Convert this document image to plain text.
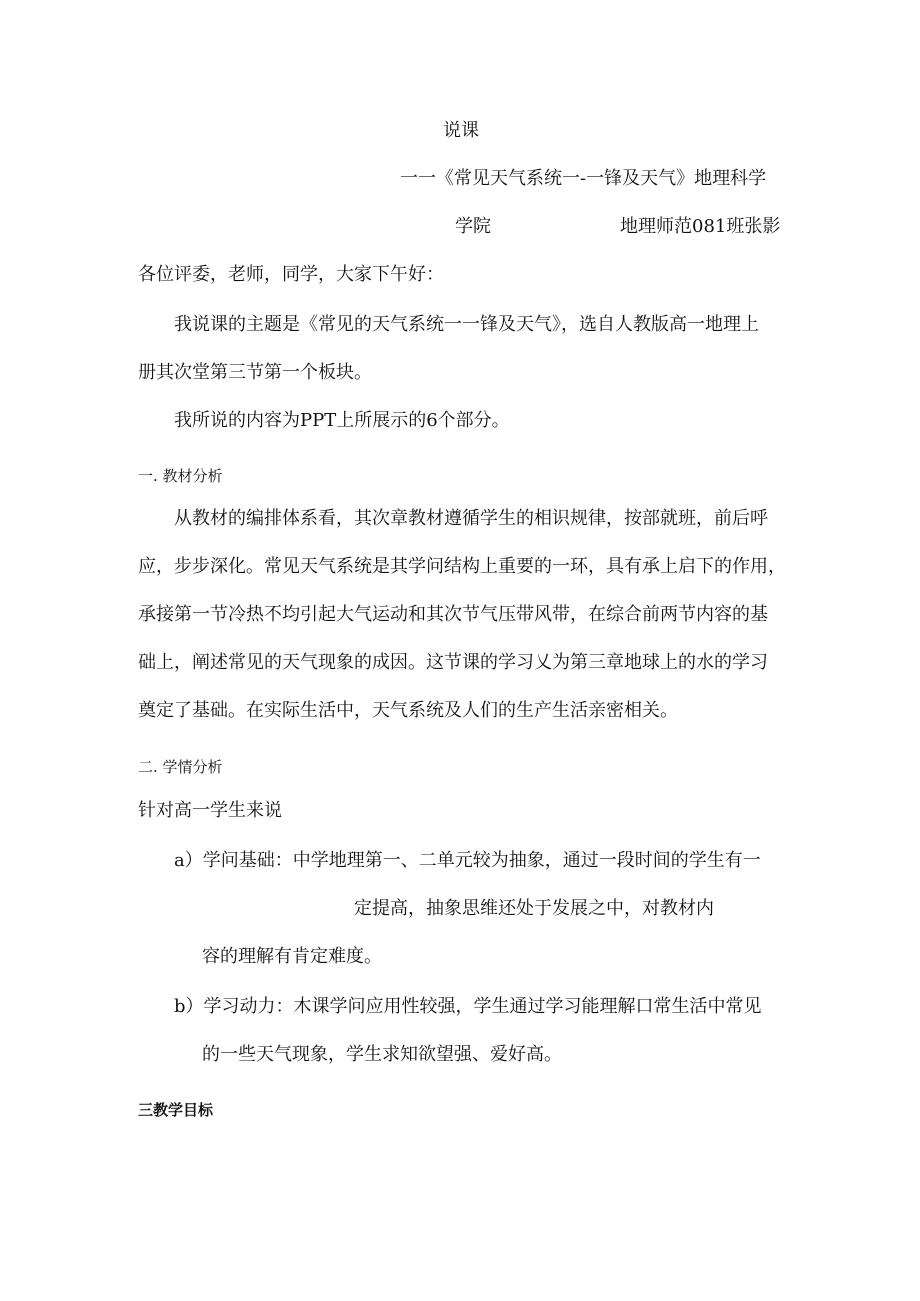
说课
一一《常见天气系统一-一锋及天气》地理科学
学院	地理师范081班张影
各位评委，老师，同学，大家下午好：
我说课的主题是《常见的天气系统一一锋及天气》，选自人教版高一地理上
册其次堂第三节第一个板块。
我所说的内容为PPT上所展示的6个部分。
一. 教材分析
从教材的编排体系看，其次章教材遵循学生的相识规律，按部就班，前后呼
应，步步深化。常见天气系统是其学问结构上重要的一环，具有承上启下的作用，
承接第一节冷热不均引起大气运动和其次节气压带风带，在综合前两节内容的基
础上，阐述常见的天气现象的成因。这节课的学习乂为第三章地球上的水的学习
奠定了基础。在实际生活中，天气系统及人们的生产生活亲密相关。
二. 学情分析
针对高一学生来说
a）学问基础：中学地理第一、二单元较为抽象，通过一段时间的学生有一
定提高，抽象思维还处于发展之中，对教材内
容的理解有肯定难度。
b）学习动力：木课学问应用性较强，学生通过学习能理解口常生活中常见
的一些天气现象，学生求知欲望强、爱好高。
三教学目标
